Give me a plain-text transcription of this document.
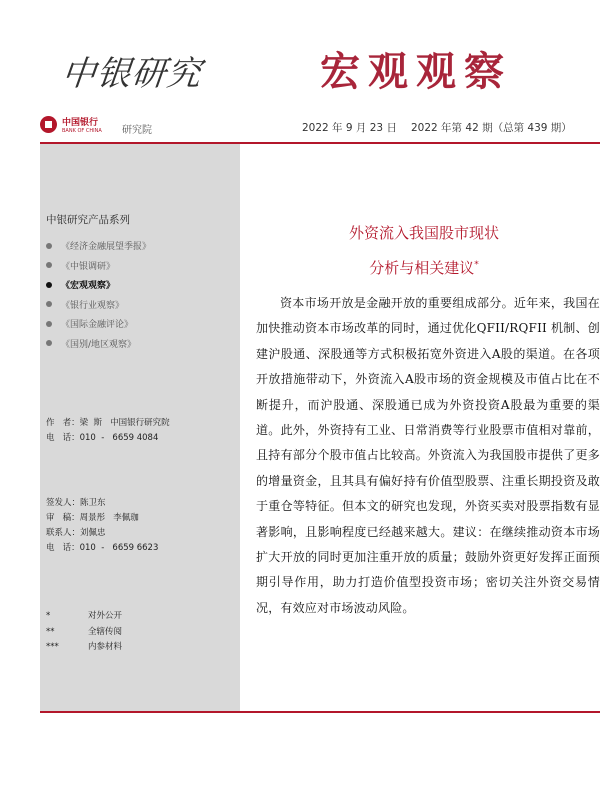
中银研究	宏观观察
中国银行
BANK OF CHINA 研究院	2022 年 9 月 23 日 2022 年第 42 期（总第 439 期）
中银研究产品系列
《经济金融展望季报》
《中银调研》
《宏观观察》
《银行业观察》
《国际金融评论》
《国别/地区观察》
作   者：梁  斯   中国银行研究院
电   话：010  -   6659 4084
签发人：陈卫东
审   稿：周景彤   李佩珈
联系人：刘佩忠
电   话：010  -   6659 6623
*	对外公开
**	全辖传阅
***	内参材料
外资流入我国股市现状
分析与相关建议*

资本市场开放是金融开放的重要组成部分。近年来，我国在加快推动资本市场改革的同时，通过优化QFII/RQFII 机制、创建沪股通、深股通等方式积极拓宽外资进入A股的渠道。在各项开放措施带动下，外资流入A股市场的资金规模及市值占比在不断提升，而沪股通、深股通已成为外资投资A股最为重要的渠道。此外，外资持有工业、日常消费等行业股票市值相对靠前，且持有部分个股市值占比较高。外资流入为我国股市提供了更多的增量资金，且其具有偏好持有价值型股票、注重长期投资及敢于重仓等特征。但本文的研究也发现，外资买卖对股票指数有显著影响，且影响程度已经越来越大。建议：在继续推动资本市场扩大开放的同时更加注重开放的质量；鼓励外资更好发挥正面预期引导作用，助力打造价值型投资市场；密切关注外资交易情况，有效应对市场波动风险。
